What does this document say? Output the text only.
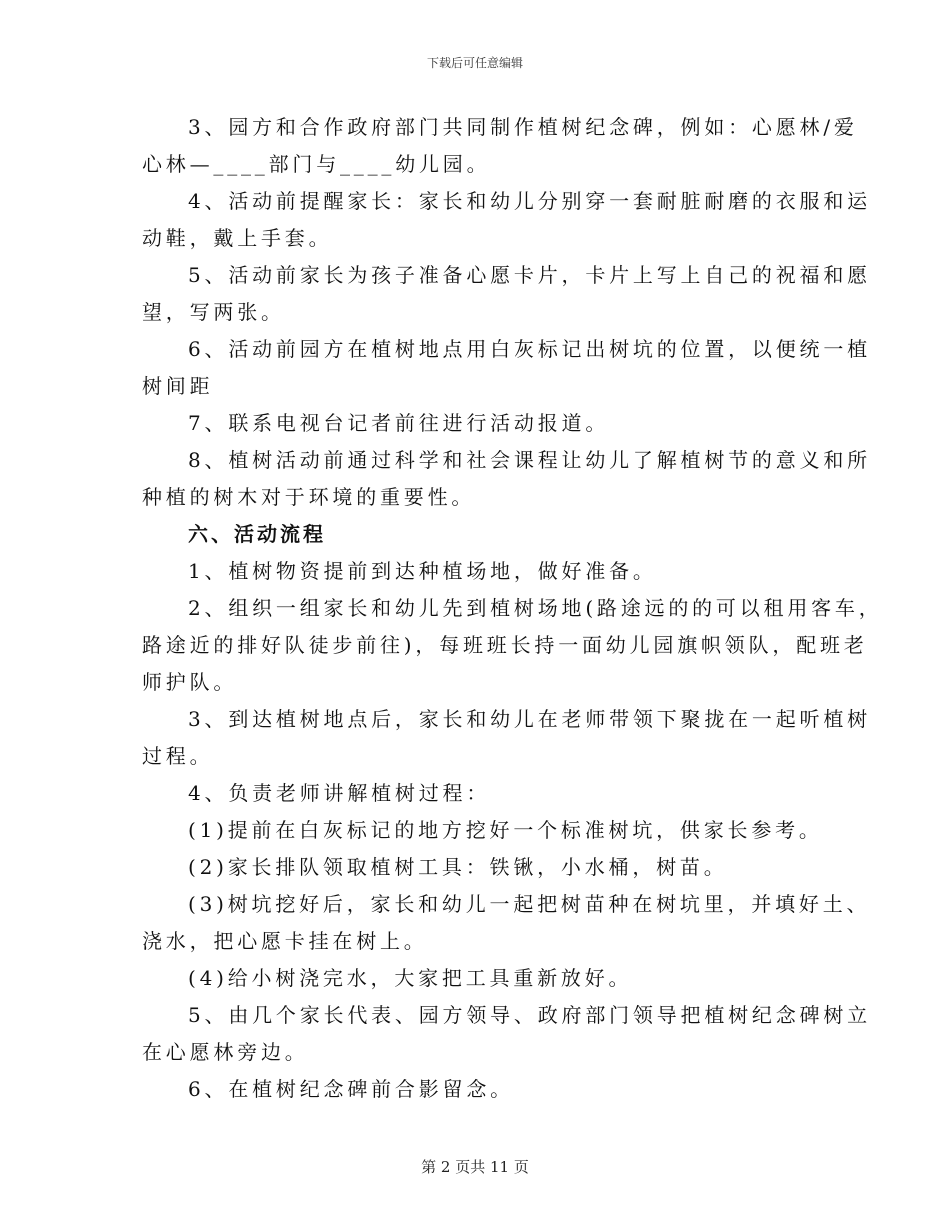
下载后可任意编辑
3、园方和合作政府部门共同制作植树纪念碑，例如：心愿林/爱
心林—____部门与____幼儿园。
4、活动前提醒家长：家长和幼儿分别穿一套耐脏耐磨的衣服和运
动鞋，戴上手套。
5、活动前家长为孩子准备心愿卡片，卡片上写上自己的祝福和愿
望，写两张。
6、活动前园方在植树地点用白灰标记出树坑的位置，以便统一植
树间距
7、联系电视台记者前往进行活动报道。
8、植树活动前通过科学和社会课程让幼儿了解植树节的意义和所
种植的树木对于环境的重要性。
六、活动流程
1、植树物资提前到达种植场地，做好准备。
2、组织一组家长和幼儿先到植树场地(路途远的的可以租用客车，
路途近的排好队徒步前往)，每班班长持一面幼儿园旗帜领队，配班老
师护队。
3、到达植树地点后，家长和幼儿在老师带领下聚拢在一起听植树
过程。
4、负责老师讲解植树过程：
(1)提前在白灰标记的地方挖好一个标准树坑，供家长参考。
(2)家长排队领取植树工具：铁锹，小水桶，树苗。
(3)树坑挖好后，家长和幼儿一起把树苗种在树坑里，并填好土、
浇水，把心愿卡挂在树上。
(4)给小树浇完水，大家把工具重新放好。
5、由几个家长代表、园方领导、政府部门领导把植树纪念碑树立
在心愿林旁边。
6、在植树纪念碑前合影留念。
第 2 页共 11 页
